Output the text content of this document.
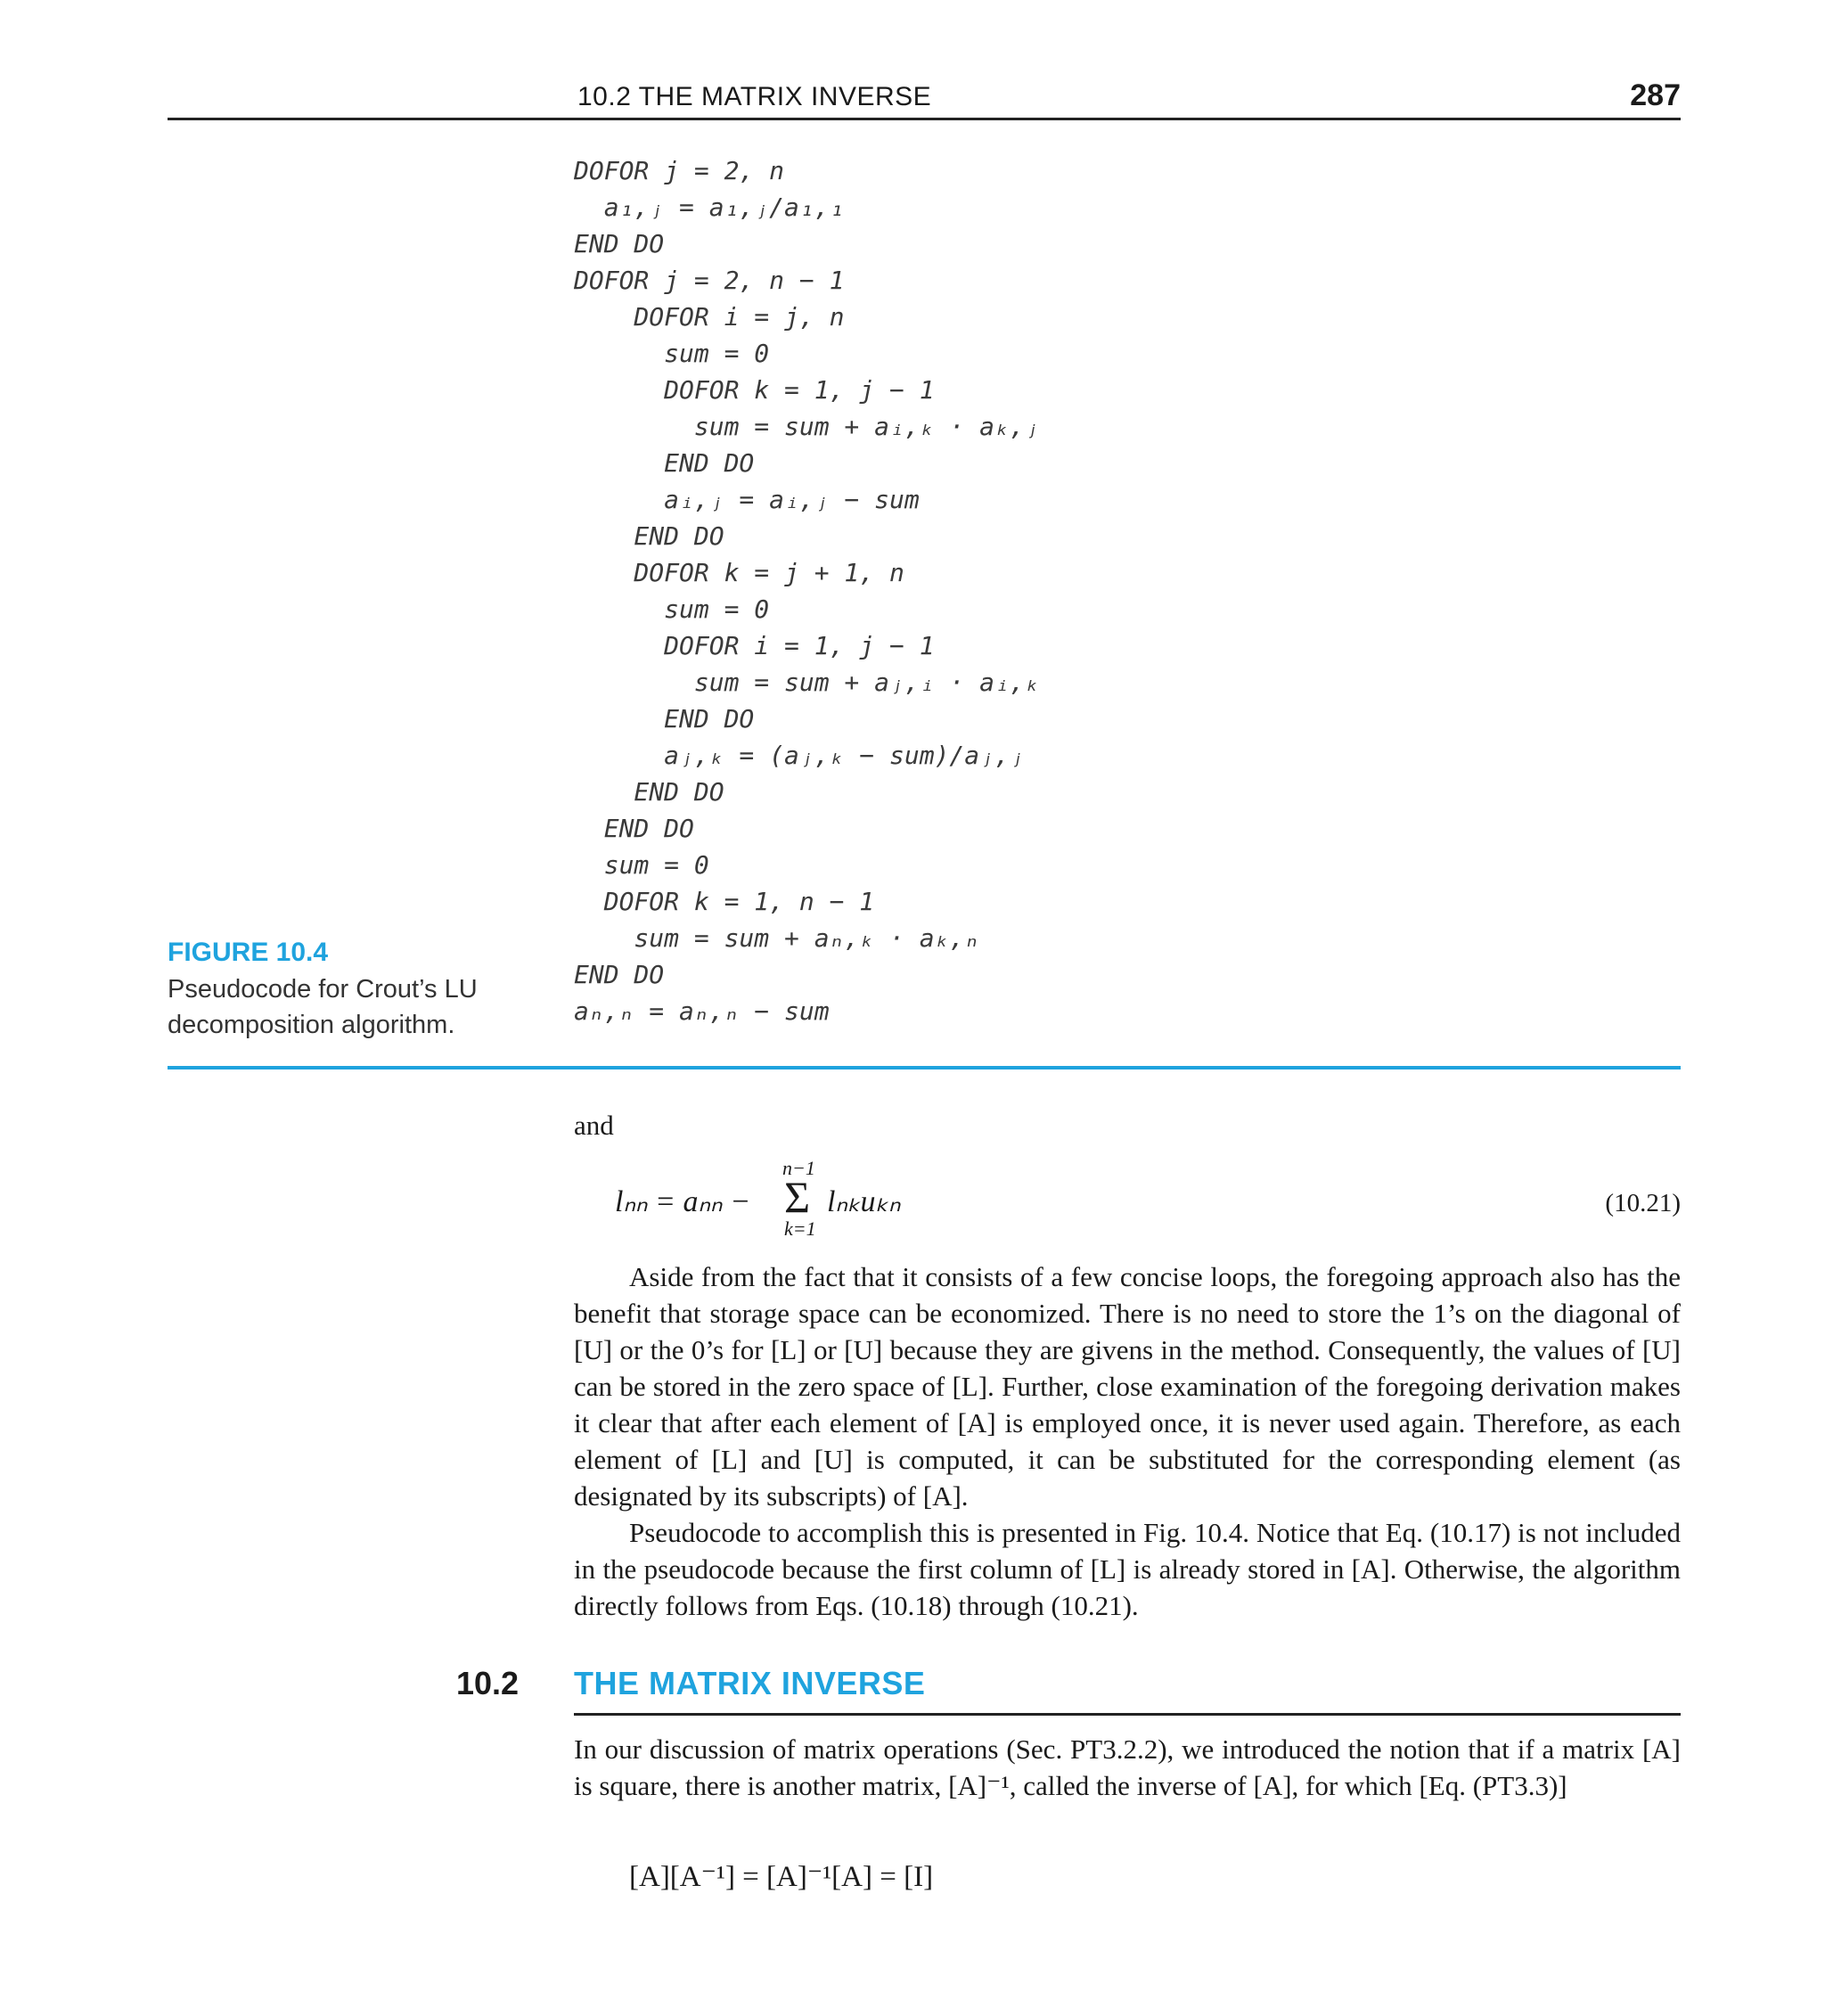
10.2 THE MATRIX INVERSE	287
DOFOR j = 2, n
a₁,ⱼ = a₁,ⱼ/a₁,₁
END DO
DOFOR j = 2, n − 1
DOFOR i = j, n
sum = 0
DOFOR k = 1, j − 1
sum = sum + aᵢ,ₖ · aₖ,ⱼ
END DO
aᵢ,ⱼ = aᵢ,ⱼ − sum
END DO
DOFOR k = j + 1, n
sum = 0
DOFOR i = 1, j − 1
sum = sum + aⱼ,ᵢ · aᵢ,ₖ
END DO
aⱼ,ₖ = (aⱼ,ₖ − sum)/aⱼ,ⱼ
END DO
END DO
sum = 0
DOFOR k = 1, n − 1
sum = sum + aₙ,ₖ · aₖ,ₙ
END DO
aₙ,ₙ = aₙ,ₙ − sum
FIGURE 10.4
Pseudocode for Crout’s LU
decomposition algorithm.
and
lₙₙ = aₙₙ −
n−1
Σ
k=1
lₙₖuₖₙ	(10.21)
Aside from the fact that it consists of a few concise loops, the foregoing approach also has the benefit that storage space can be economized. There is no need to store the 1’s on the diagonal of [U] or the 0’s for [L] or [U] because they are givens in the method. Consequently, the values of [U] can be stored in the zero space of [L]. Further, close examination of the foregoing derivation makes it clear that after each element of [A] is employed once, it is never used again. Therefore, as each element of [L] and [U] is computed, it can be substituted for the corresponding element (as designated by its subscripts) of [A].
Pseudocode to accomplish this is presented in Fig. 10.4. Notice that Eq. (10.17) is not included in the pseudocode because the first column of [L] is already stored in [A]. Otherwise, the algorithm directly follows from Eqs. (10.18) through (10.21).
10.2 THE MATRIX INVERSE
In our discussion of matrix operations (Sec. PT3.2.2), we introduced the notion that if a matrix [A] is square, there is another matrix, [A]⁻¹, called the inverse of [A], for which [Eq. (PT3.3)]
[A][A⁻¹] = [A]⁻¹[A] = [I]
